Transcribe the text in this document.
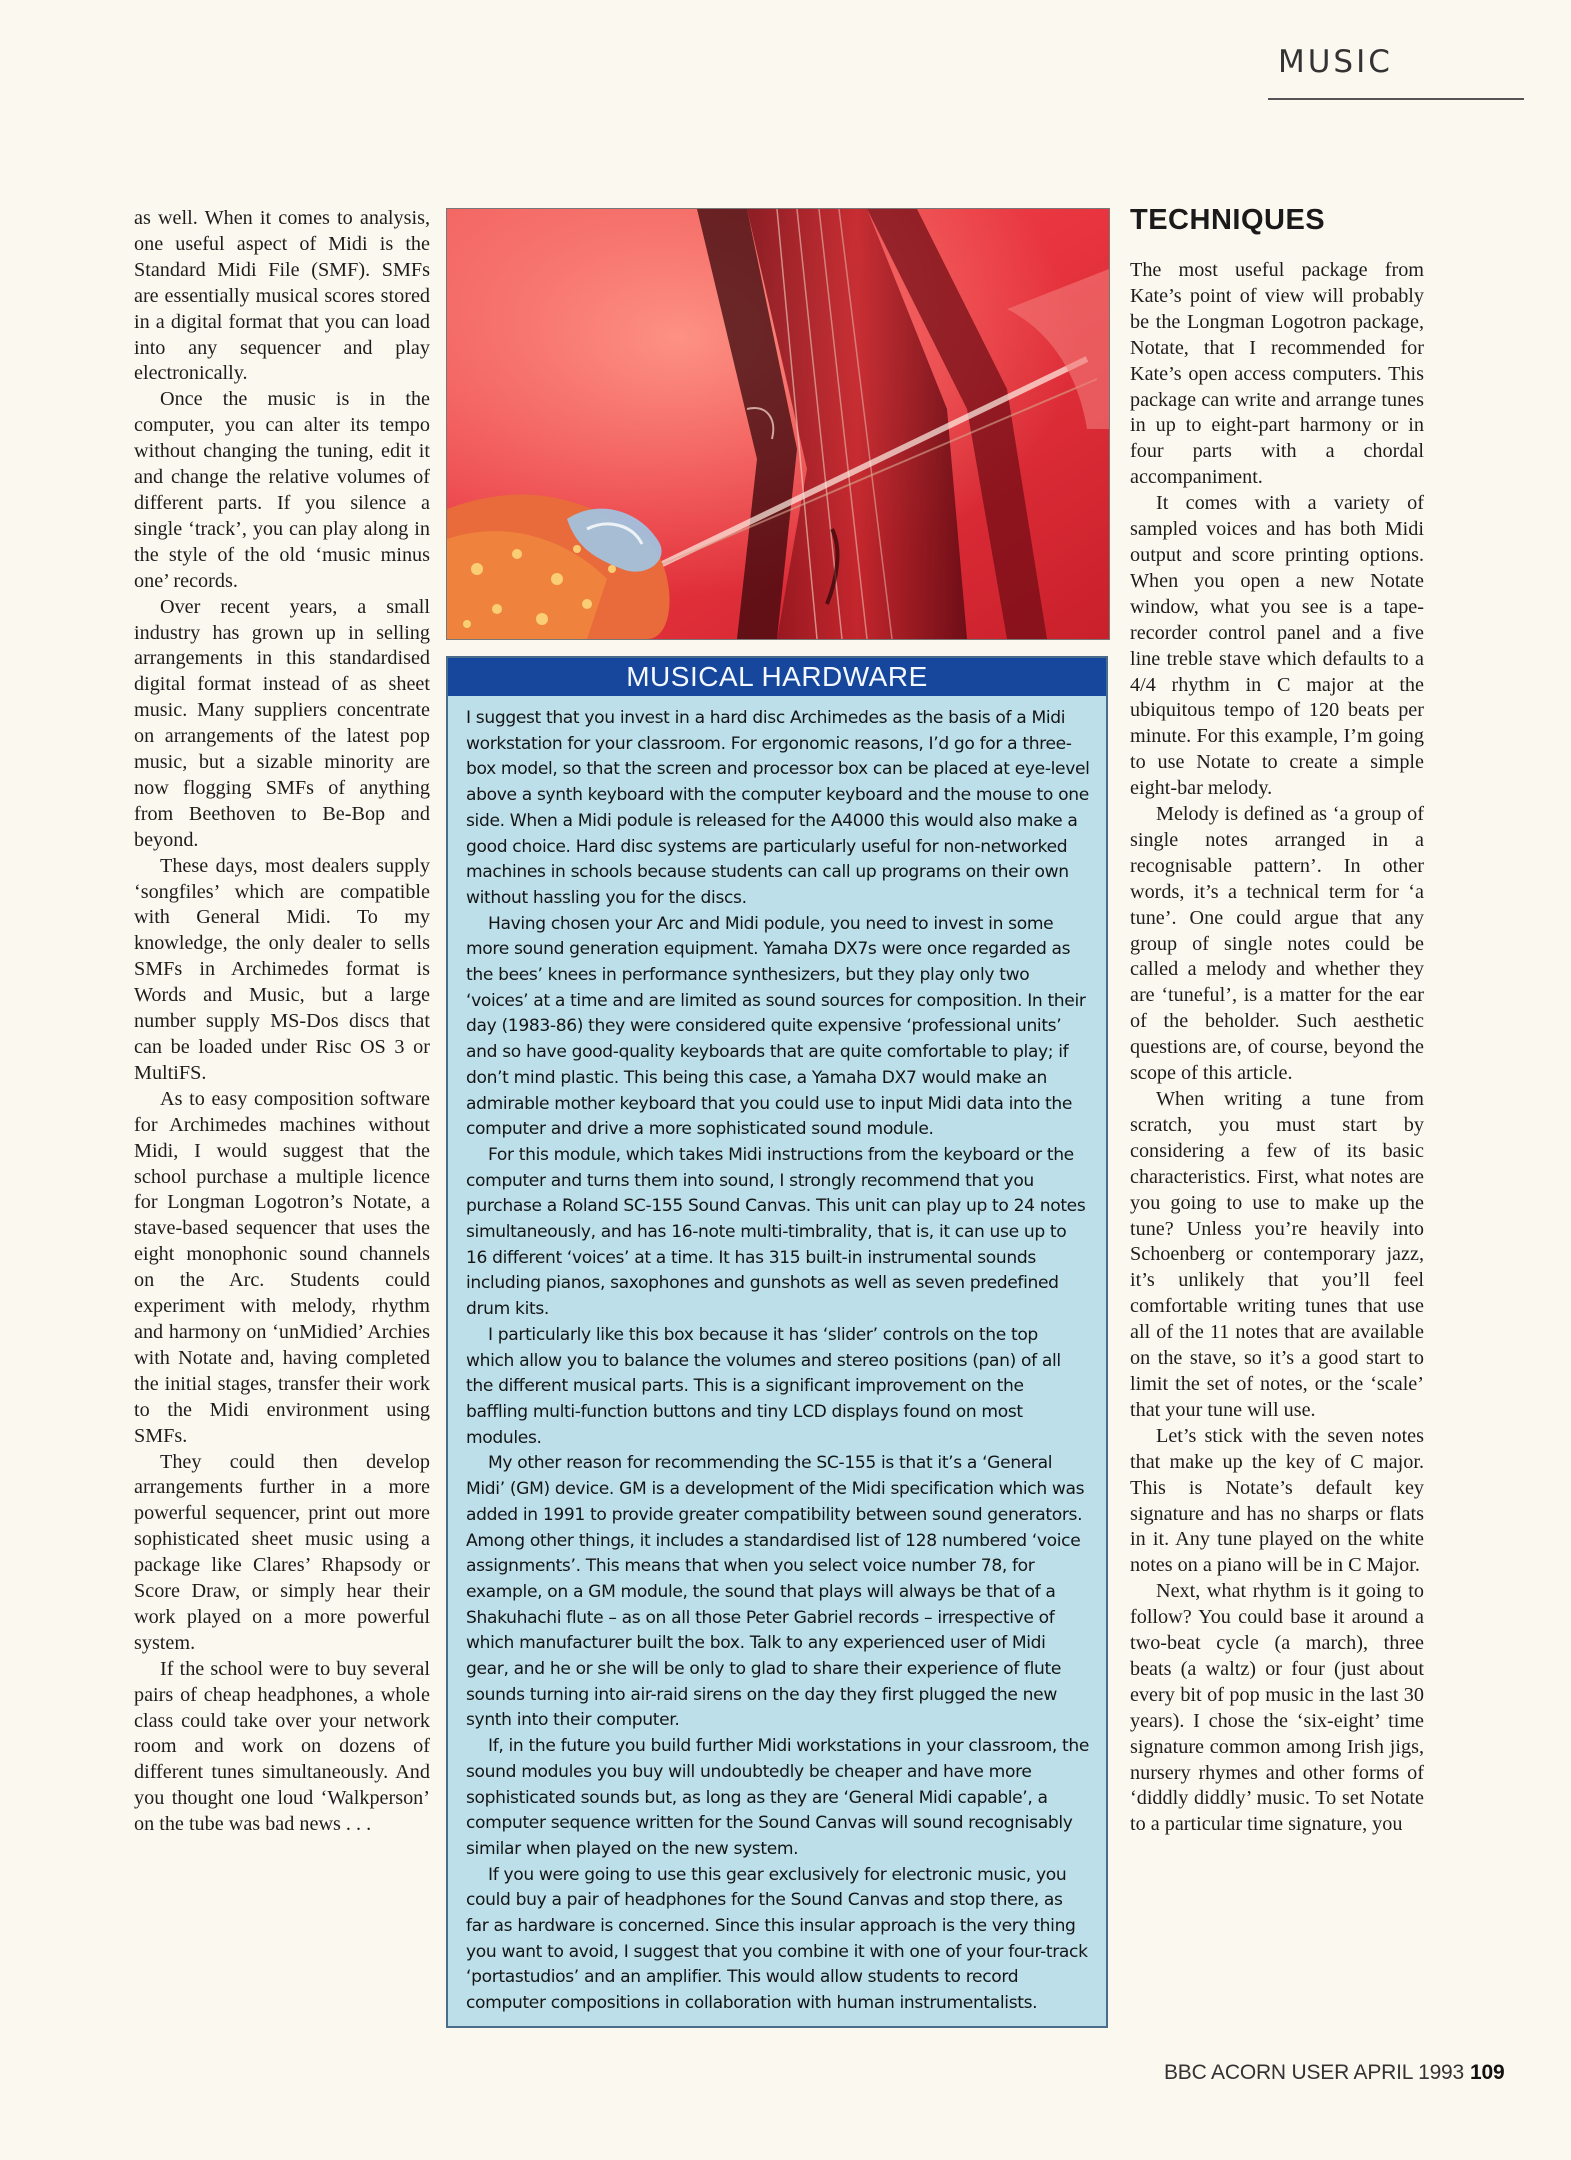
MUSIC

as well. When it comes to analysis, one useful aspect of Midi is the Standard Midi File (SMF). SMFs are essentially musical scores stored in a digital format that you can load into any sequencer and play electronically.

Once the music is in the computer, you can alter its tempo without changing the tuning, edit it and change the relative volumes of different parts. If you silence a single ‘track’, you can play along in the style of the old ‘music minus one’ records.

Over recent years, a small industry has grown up in selling arrangements in this standardised digital format instead of as sheet music. Many suppliers concentrate on arrangements of the latest pop music, but a sizable minority are now flogging SMFs of anything from Beethoven to Be-Bop and beyond.

These days, most dealers supply ‘songfiles’ which are compatible with General Midi. To my knowledge, the only dealer to sells SMFs in Archimedes format is Words and Music, but a large number supply MS-Dos discs that can be loaded under Risc OS 3 or MultiFS.

As to easy composition software for Archimedes machines without Midi, I would suggest that the school purchase a multiple licence for Longman Logotron’s Notate, a stave-based sequencer that uses the eight monophonic sound channels on the Arc. Students could experiment with melody, rhythm and harmony on ‘unMidied’ Archies with Notate and, having completed the initial stages, transfer their work to the Midi environment using SMFs.

They could then develop arrangements further in a more powerful sequencer, print out more sophisticated sheet music using a package like Clares’ Rhapsody or Score Draw, or simply hear their work played on a more powerful system.

If the school were to buy several pairs of cheap headphones, a whole class could take over your network room and work on dozens of different tunes simultaneously. And you thought one loud ‘Walkperson’ on the tube was bad news . . .

MUSICAL HARDWARE

I suggest that you invest in a hard disc Archimedes as the basis of a Midi workstation for your classroom. For ergonomic reasons, I’d go for a three-box model, so that the screen and processor box can be placed at eye-level above a synth keyboard with the computer keyboard and the mouse to one side. When a Midi podule is released for the A4000 this would also make a good choice. Hard disc systems are particularly useful for non-networked machines in schools because students can call up programs on their own without hassling you for the discs.

Having chosen your Arc and Midi podule, you need to invest in some more sound generation equipment. Yamaha DX7s were once regarded as the bees’ knees in performance synthesizers, but they play only two ‘voices’ at a time and are limited as sound sources for composition. In their day (1983-86) they were considered quite expensive ‘professional units’ and so have good-quality keyboards that are quite comfortable to play; if don’t mind plastic. This being this case, a Yamaha DX7 would make an admirable mother keyboard that you could use to input Midi data into the computer and drive a more sophisticated sound module.

For this module, which takes Midi instructions from the keyboard or the computer and turns them into sound, I strongly recommend that you purchase a Roland SC-155 Sound Canvas. This unit can play up to 24 notes simultaneously, and has 16-note multi-timbrality, that is, it can use up to 16 different ‘voices’ at a time. It has 315 built-in instrumental sounds including pianos, saxophones and gunshots as well as seven predefined drum kits.

I particularly like this box because it has ‘slider’ controls on the top which allow you to balance the volumes and stereo positions (pan) of all the different musical parts. This is a significant improvement on the baffling multi-function buttons and tiny LCD displays found on most modules.

My other reason for recommending the SC-155 is that it’s a ‘General Midi’ (GM) device. GM is a development of the Midi specification which was added in 1991 to provide greater compatibility between sound generators. Among other things, it includes a standardised list of 128 numbered ‘voice assignments’. This means that when you select voice number 78, for example, on a GM module, the sound that plays will always be that of a Shakuhachi flute – as on all those Peter Gabriel records – irrespective of which manufacturer built the box. Talk to any experienced user of Midi gear, and he or she will be only to glad to share their experience of flute sounds turning into air-raid sirens on the day they first plugged the new synth into their computer.

If, in the future you build further Midi workstations in your classroom, the sound modules you buy will undoubtedly be cheaper and have more sophisticated sounds but, as long as they are ‘General Midi capable’, a computer sequence written for the Sound Canvas will sound recognisably similar when played on the new system.

If you were going to use this gear exclusively for electronic music, you could buy a pair of headphones for the Sound Canvas and stop there, as far as hardware is concerned. Since this insular approach is the very thing you want to avoid, I suggest that you combine it with one of your four-track ‘portastudios’ and an amplifier. This would allow students to record computer compositions in collaboration with human instrumentalists.

TECHNIQUES

The most useful package from Kate’s point of view will probably be the Longman Logotron package, Notate, that I recommended for Kate’s open access computers. This package can write and arrange tunes in up to eight-part harmony or in four parts with a chordal accompaniment.

It comes with a variety of sampled voices and has both Midi output and score printing options. When you open a new Notate window, what you see is a tape-recorder control panel and a five line treble stave which defaults to a 4/4 rhythm in C major at the ubiquitous tempo of 120 beats per minute. For this example, I’m going to use Notate to create a simple eight-bar melody.

Melody is defined as ‘a group of single notes arranged in a recognisable pattern’. In other words, it’s a technical term for ‘a tune’. One could argue that any group of single notes could be called a melody and whether they are ‘tuneful’, is a matter for the ear of the beholder. Such aesthetic questions are, of course, beyond the scope of this article.

When writing a tune from scratch, you must start by considering a few of its basic characteristics. First, what notes are you going to use to make up the tune? Unless you’re heavily into Schoenberg or contemporary jazz, it’s unlikely that you’ll feel comfortable writing tunes that use all of the 11 notes that are available on the stave, so it’s a good start to limit the set of notes, or the ‘scale’ that your tune will use.

Let’s stick with the seven notes that make up the key of C major. This is Notate’s default key signature and has no sharps or flats in it. Any tune played on the white notes on a piano will be in C Major.

Next, what rhythm is it going to follow? You could base it around a two-beat cycle (a march), three beats (a waltz) or four (just about every bit of pop music in the last 30 years). I chose the ‘six-eight’ time signature common among Irish jigs, nursery rhymes and other forms of ‘diddly diddly’ music. To set Notate to a particular time signature, you

BBC ACORN USER APRIL 1993 109
